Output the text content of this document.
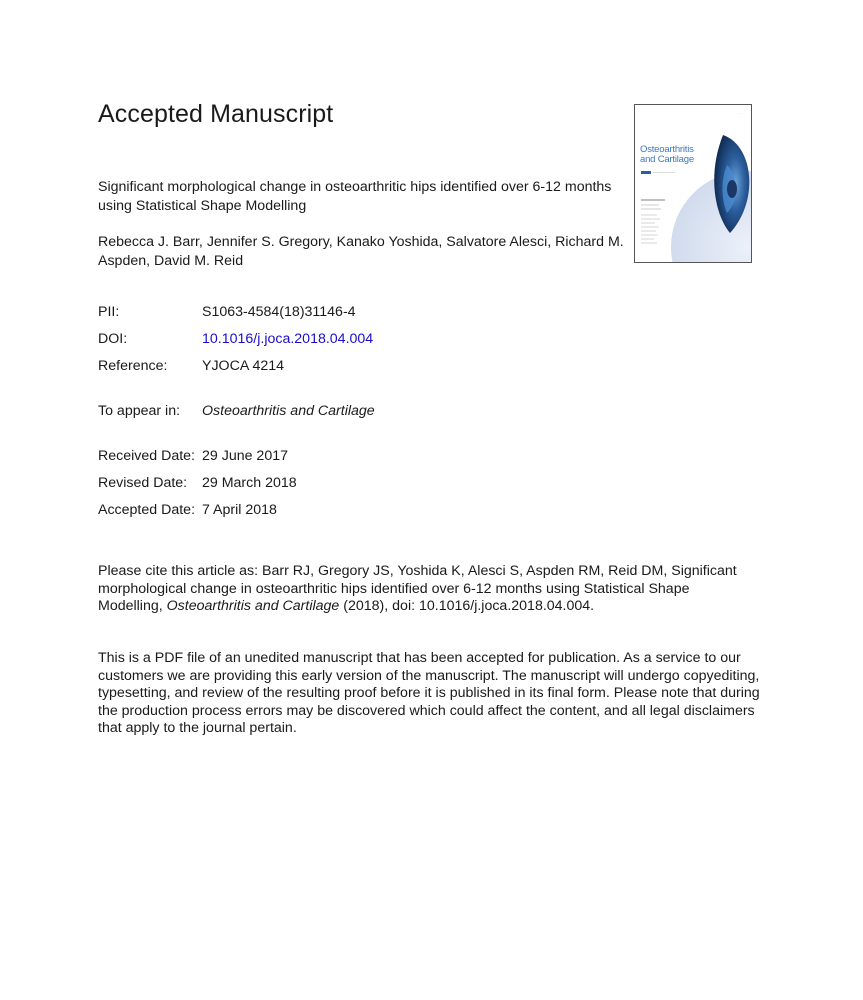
Accepted Manuscript

Significant morphological change in osteoarthritic hips identified over 6-12 months using Statistical Shape Modelling

Rebecca J. Barr, Jennifer S. Gregory, Kanako Yoshida, Salvatore Alesci, Richard M. Aspden, David M. Reid

....
Osteoarthritis
and Cartilage
PII:	S1063-4584(18)31146-4
DOI:	10.1016/j.joca.2018.04.004
Reference: YJOCA 4214
To appear in: Osteoarthritis and Cartilage
Received Date: 29 June 2017
Revised Date: 29 March 2018
Accepted Date: 7 April 2018

Please cite this article as: Barr RJ, Gregory JS, Yoshida K, Alesci S, Aspden RM, Reid DM, Significant morphological change in osteoarthritic hips identified over 6-12 months using Statistical Shape Modelling, Osteoarthritis and Cartilage (2018), doi: 10.1016/j.joca.2018.04.004.

This is a PDF file of an unedited manuscript that has been accepted for publication. As a service to our customers we are providing this early version of the manuscript. The manuscript will undergo copyediting, typesetting, and review of the resulting proof before it is published in its final form. Please note that during the production process errors may be discovered which could affect the content, and all legal disclaimers that apply to the journal pertain.
